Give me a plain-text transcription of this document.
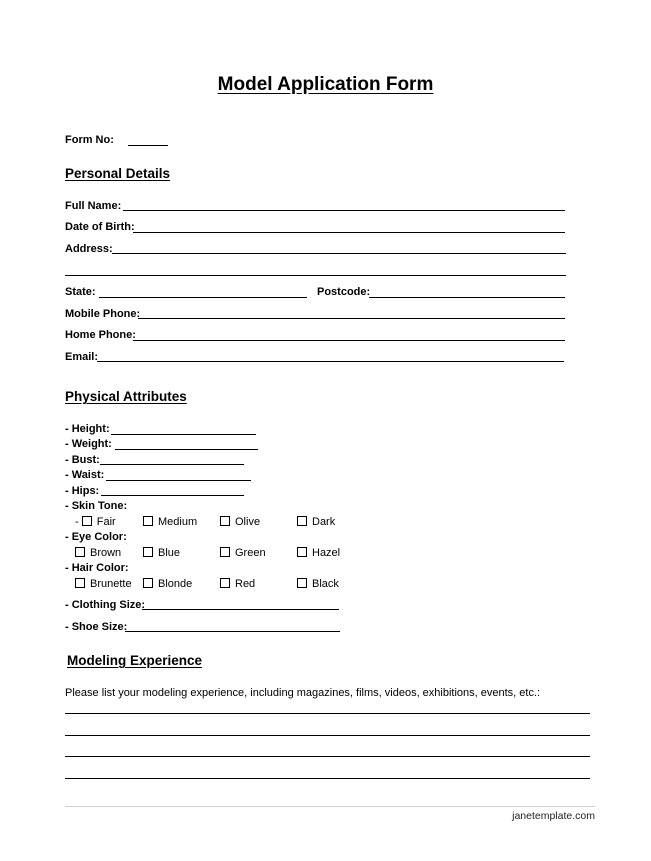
Model Application Form
Form No:
Personal Details
Full Name:
Date of Birth:
Address:
State:	Postcode:
Mobile Phone:
Home Phone:
Email:
Physical Attributes
- Height:
- Weight:
- Bust:
- Waist:
- Hips:
- Skin Tone:
- Fair	Medium	Olive	Dark
- Eye Color:
Brown	Blue	Green	Hazel
- Hair Color:
Brunette	Blonde	Red	Black
- Clothing Size:
- Shoe Size:
Modeling Experience
Please list your modeling experience, including magazines, films, videos, exhibitions, events, etc.:
janetemplate.com
